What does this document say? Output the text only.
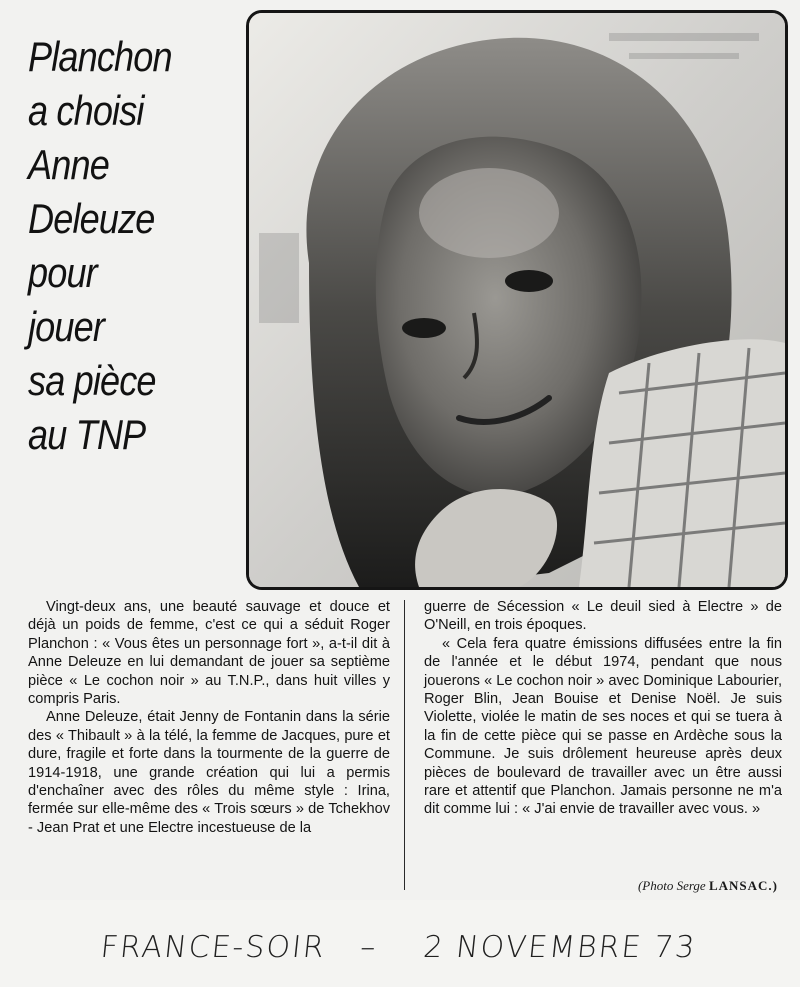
Planchon
a choisi
Anne
Deleuze
pour
jouer
sa pièce
au TNP

Vingt-deux ans, une beauté sauvage et douce et déjà un poids de femme, c'est ce qui a séduit Roger Planchon : « Vous êtes un personnage fort », a-t-il dit à Anne Deleuze en lui demandant de jouer sa septième pièce « Le cochon noir » au T.N.P., dans huit villes y compris Paris.

Anne Deleuze, était Jenny de Fontanin dans la série des « Thibault » à la télé, la femme de Jacques, pure et dure, fragile et forte dans la tourmente de la guerre de 1914-1918, une grande création qui lui a permis d'enchaîner avec des rôles du même style : Irina, fermée sur elle-même des « Trois sœurs » de Tchekhov - Jean Prat et une Electre incestueuse de la

guerre de Sécession « Le deuil sied à Electre » de O'Neill, en trois époques.

« Cela fera quatre émissions diffusées entre la fin de l'année et le début 1974, pendant que nous jouerons « Le cochon noir » avec Dominique Labourier, Roger Blin, Jean Bouise et Denise Noël. Je suis Violette, violée le matin de ses noces et qui se tuera à la fin de cette pièce qui se passe en Ardèche sous la Commune. Je suis drôlement heureuse après deux pièces de boulevard de travailler avec un être aussi rare et attentif que Planchon. Jamais personne ne m'a dit comme lui : « J'ai envie de travailler avec vous. »

(Photo Serge LANSAC.)
FRANCE-SOIR – 2 NOVEMBRE 73
